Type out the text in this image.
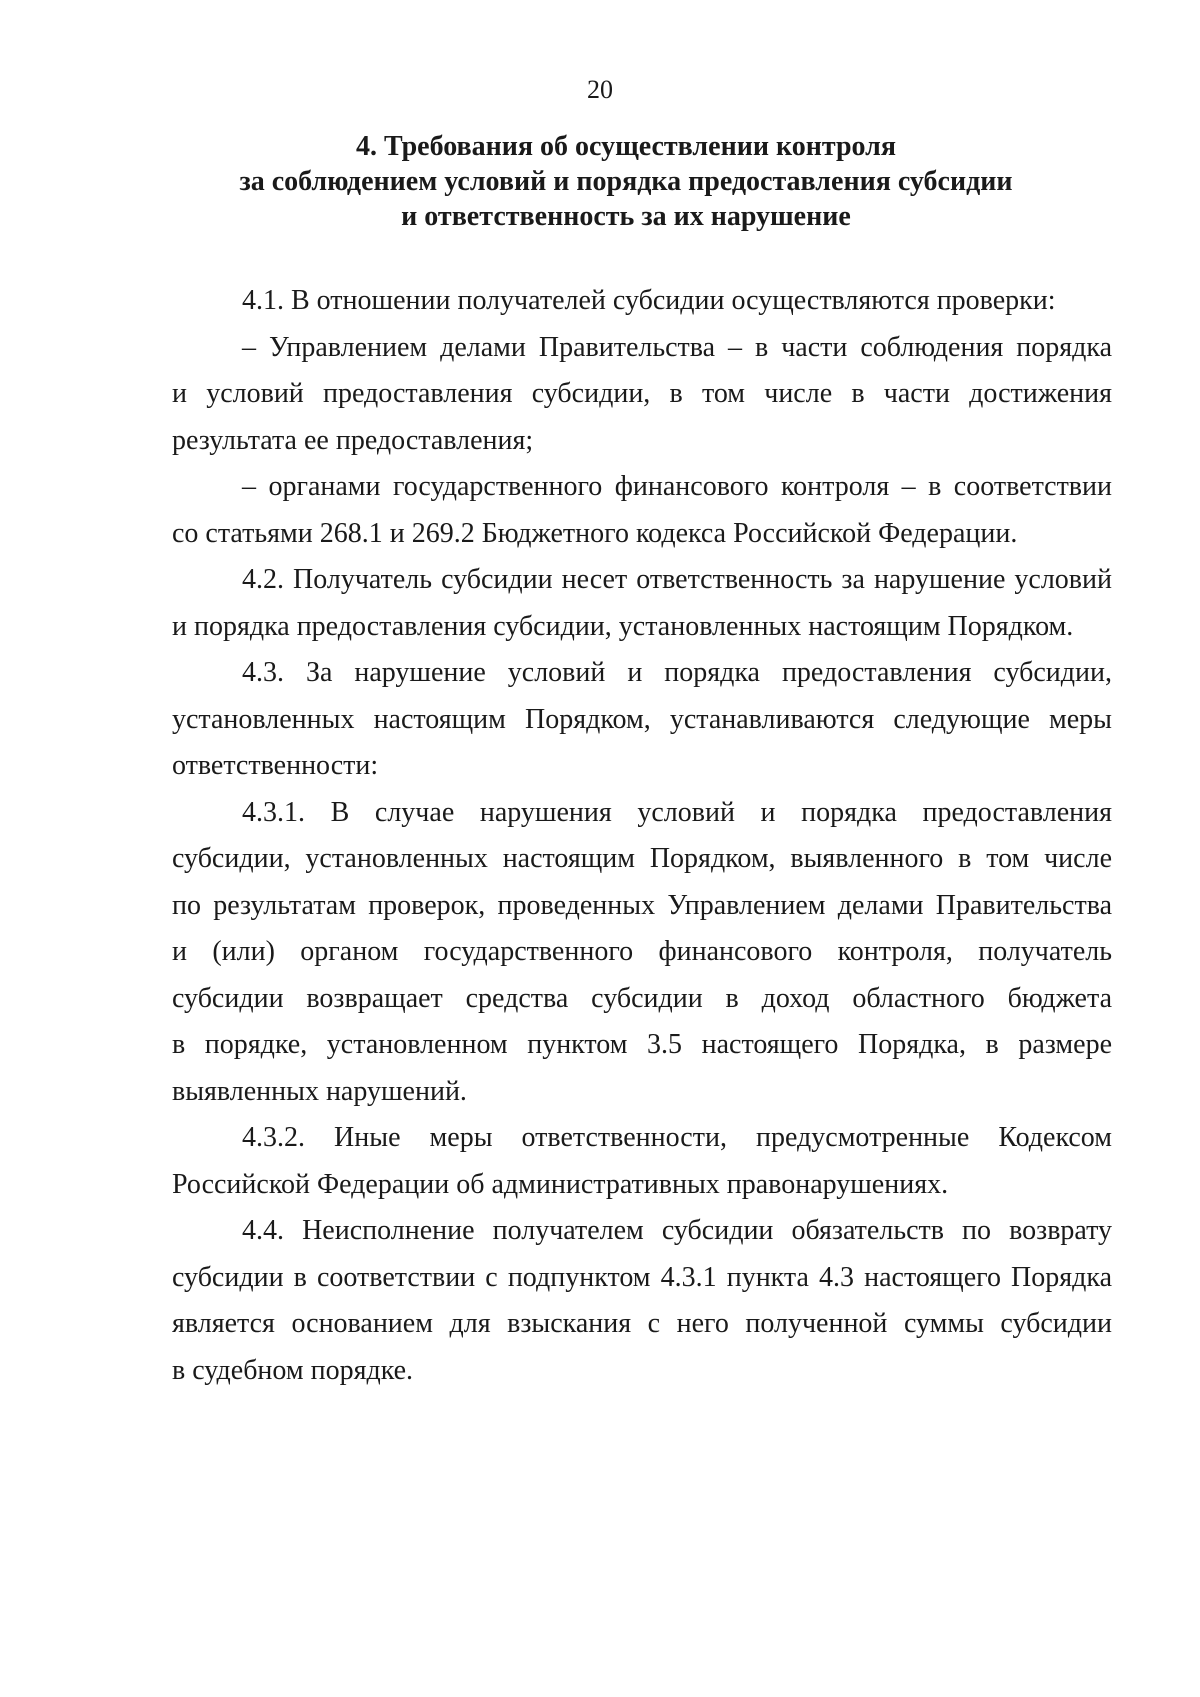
20
4. Требования об осуществлении контроля
за соблюдением условий и порядка предоставления субсидии
и ответственность за их нарушение

4.1. В отношении получателей субсидии осуществляются проверки:

– Управлением делами Правительства – в части соблюдения порядка
и условий предоставления субсидии, в том числе в части достижения
результата ее предоставления;

– органами государственного финансового контроля – в соответствии
со статьями 268.1 и 269.2 Бюджетного кодекса Российской Федерации.

4.2. Получатель субсидии несет ответственность за нарушение условий
и порядка предоставления субсидии, установленных настоящим Порядком.

4.3. За нарушение условий и порядка предоставления субсидии,
установленных настоящим Порядком, устанавливаются следующие меры
ответственности:

4.3.1. В случае нарушения условий и порядка предоставления
субсидии, установленных настоящим Порядком, выявленного в том числе
по результатам проверок, проведенных Управлением делами Правительства
и (или) органом государственного финансового контроля, получатель
субсидии возвращает средства субсидии в доход областного бюджета
в порядке, установленном пунктом 3.5 настоящего Порядка, в размере
выявленных нарушений.

4.3.2. Иные меры ответственности, предусмотренные Кодексом
Российской Федерации об административных правонарушениях.

4.4. Неисполнение получателем субсидии обязательств по возврату
субсидии в соответствии с подпунктом 4.3.1 пункта 4.3 настоящего Порядка
является основанием для взыскания с него полученной суммы субсидии
в судебном порядке.
